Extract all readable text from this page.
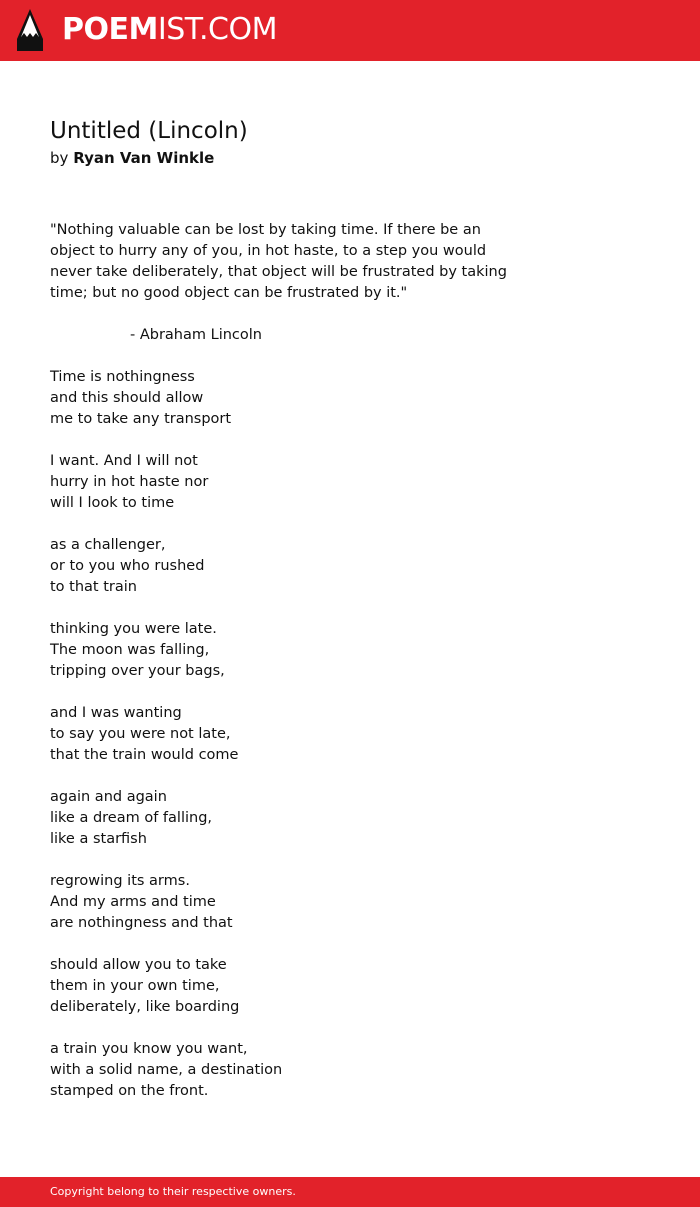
POEMIST.COM
Untitled (Lincoln)
by Ryan Van Winkle
"Nothing valuable can be lost by taking time. If there be an object to hurry any of you, in hot haste, to a step you would never take deliberately, that object will be frustrated by taking time; but no good object can be frustrated by it."
- Abraham Lincoln
Time is nothingness
and this should allow
me to take any transport
I want. And I will not
hurry in hot haste nor
will I look to time
as a challenger,
or to you who rushed
to that train
thinking you were late.
The moon was falling,
tripping over your bags,
and I was wanting
to say you were not late,
that the train would come
again and again
like a dream of falling,
like a starfish
regrowing its arms.
And my arms and time
are nothingness and that
should allow you to take
them in your own time,
deliberately, like boarding
a train you know you want,
with a solid name, a destination
stamped on the front.
Copyright belong to their respective owners.
